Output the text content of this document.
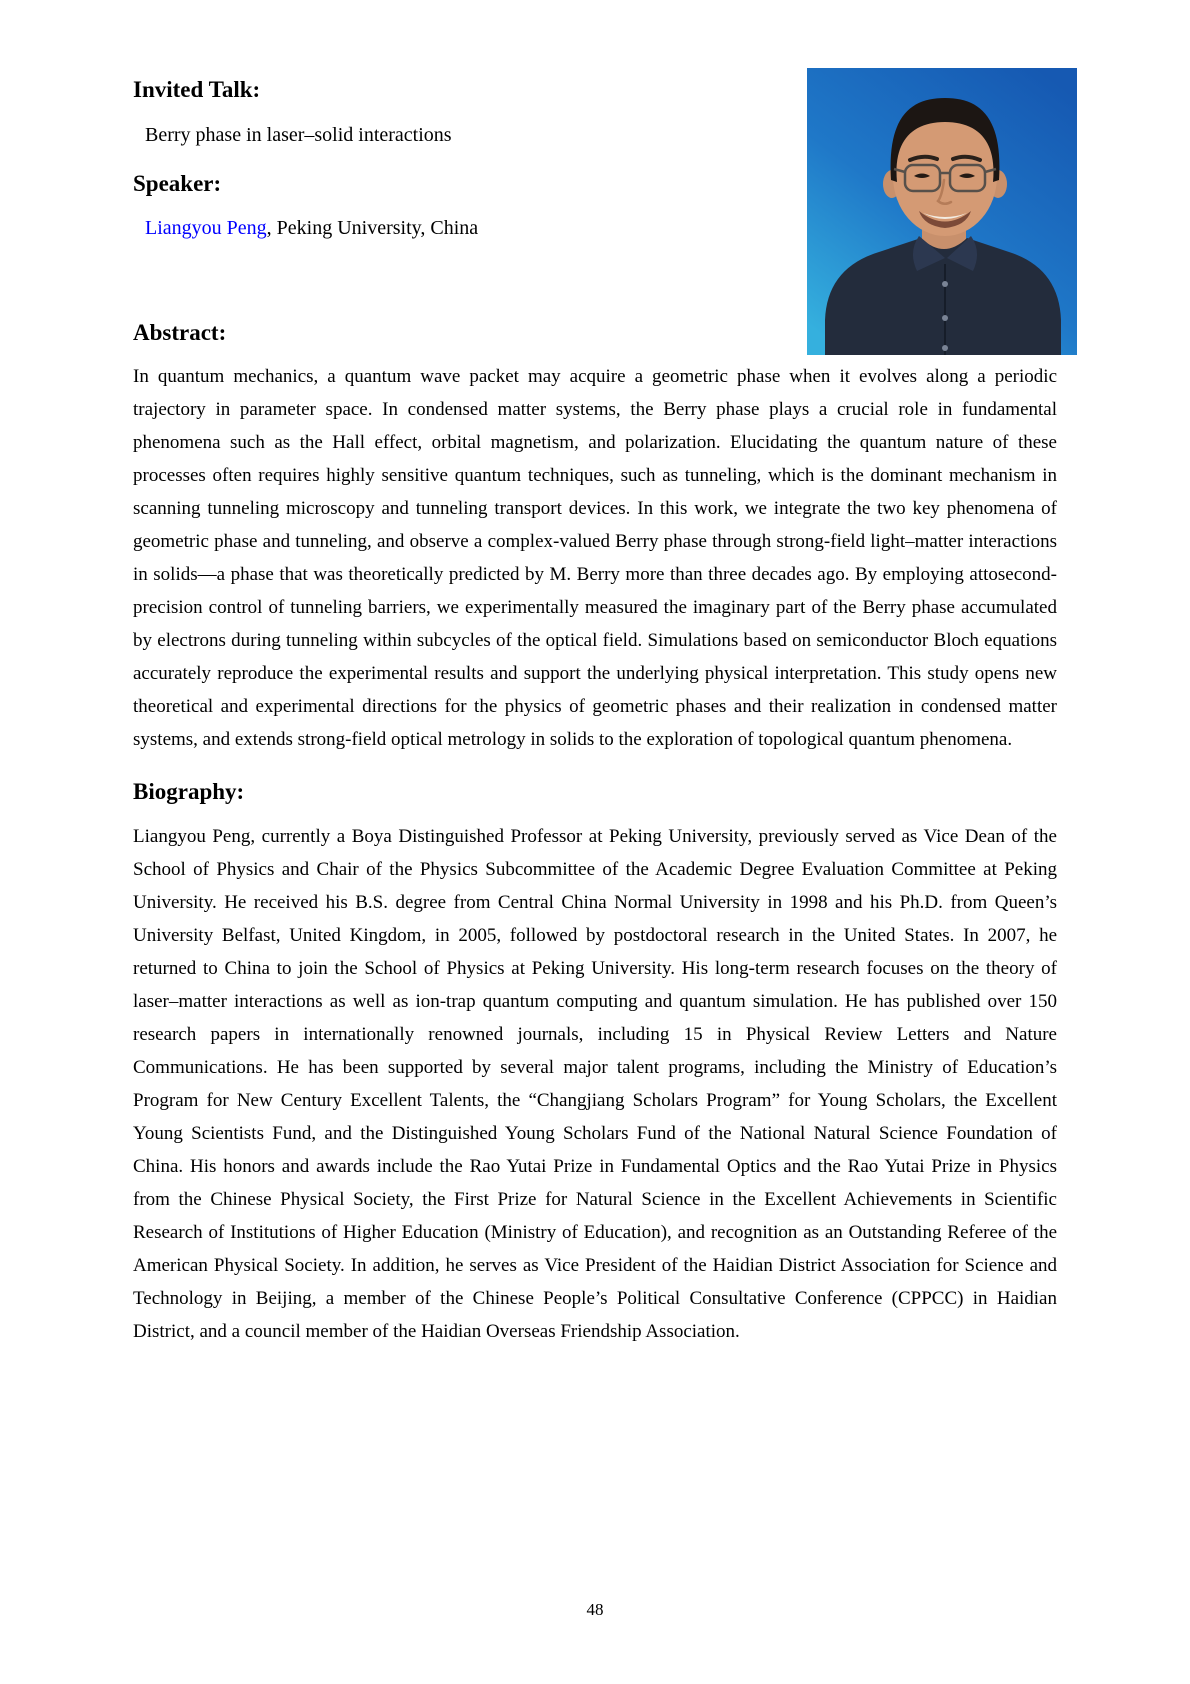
Invited Talk:

Berry phase in laser–solid interactions

Speaker:

Liangyou Peng, Peking University, China

Abstract:

In quantum mechanics, a quantum wave packet may acquire a geometric phase when it evolves along a periodic trajectory in parameter space. In condensed matter systems, the Berry phase plays a crucial role in fundamental phenomena such as the Hall effect, orbital magnetism, and polarization. Elucidating the quantum nature of these processes often requires highly sensitive quantum techniques, such as tunneling, which is the dominant mechanism in scanning tunneling microscopy and tunneling transport devices. In this work, we integrate the two key phenomena of geometric phase and tunneling, and observe a complex-valued Berry phase through strong-field light–matter interactions in solids—a phase that was theoretically predicted by M. Berry more than three decades ago. By employing attosecond-precision control of tunneling barriers, we experimentally measured the imaginary part of the Berry phase accumulated by electrons during tunneling within subcycles of the optical field. Simulations based on semiconductor Bloch equations accurately reproduce the experimental results and support the underlying physical interpretation. This study opens new theoretical and experimental directions for the physics of geometric phases and their realization in condensed matter systems, and extends strong-field optical metrology in solids to the exploration of topological quantum phenomena.

Biography:

Liangyou Peng, currently a Boya Distinguished Professor at Peking University, previously served as Vice Dean of the School of Physics and Chair of the Physics Subcommittee of the Academic Degree Evaluation Committee at Peking University. He received his B.S. degree from Central China Normal University in 1998 and his Ph.D. from Queen’s University Belfast, United Kingdom, in 2005, followed by postdoctoral research in the United States. In 2007, he returned to China to join the School of Physics at Peking University. His long-term research focuses on the theory of laser–matter interactions as well as ion-trap quantum computing and quantum simulation. He has published over 150 research papers in internationally renowned journals, including 15 in Physical Review Letters and Nature Communications. He has been supported by several major talent programs, including the Ministry of Education’s Program for New Century Excellent Talents, the “Changjiang Scholars Program” for Young Scholars, the Excellent Young Scientists Fund, and the Distinguished Young Scholars Fund of the National Natural Science Foundation of China. His honors and awards include the Rao Yutai Prize in Fundamental Optics and the Rao Yutai Prize in Physics from the Chinese Physical Society, the First Prize for Natural Science in the Excellent Achievements in Scientific Research of Institutions of Higher Education (Ministry of Education), and recognition as an Outstanding Referee of the American Physical Society. In addition, he serves as Vice President of the Haidian District Association for Science and Technology in Beijing, a member of the Chinese People’s Political Consultative Conference (CPPCC) in Haidian District, and a council member of the Haidian Overseas Friendship Association.

48
